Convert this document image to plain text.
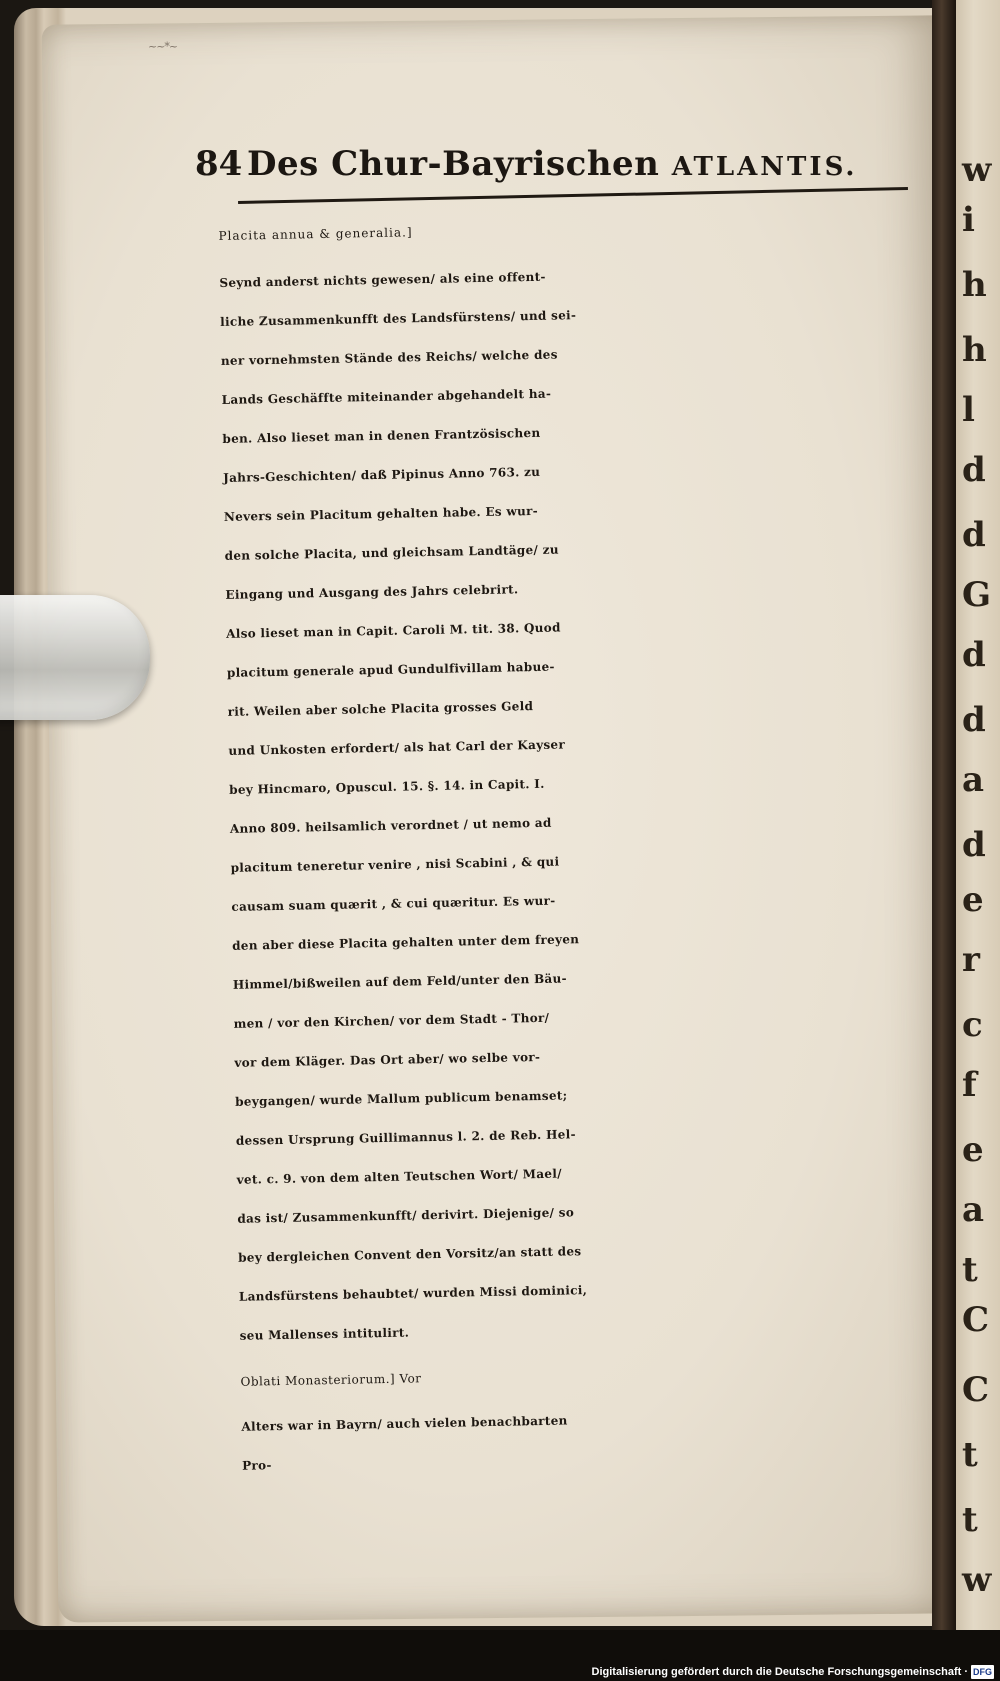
w
i
h
h
l
d
d
G
d
d
a
d
e
r
c
f
e
a
t
C
C
t
t
w
~~*~
84 Des Chur-Bayrischen ATLANTIS.
Placita annua & generalia.]
Seynd anderst nichts gewesen/ als eine offent-
liche Zusammenkunfft des Landsfürstens/ und sei-
ner vornehmsten Stände des Reichs/ welche des
Lands Geschäffte miteinander abgehandelt ha-
ben. Also lieset man in denen Frantzösischen
Jahrs-Geschichten/ daß Pipinus Anno 763. zu
Nevers sein Placitum gehalten habe. Es wur-
den solche Placita, und gleichsam Landtäge/ zu
Eingang und Ausgang des Jahrs celebrirt.
Also lieset man in Capit. Caroli M. tit. 38. Quod
placitum generale apud Gundulfivillam habue-
rit. Weilen aber solche Placita grosses Geld
und Unkosten erfordert/ als hat Carl der Kayser
bey Hincmaro, Opuscul. 15. §. 14. in Capit. I.
Anno 809. heilsamlich verordnet / ut nemo ad
placitum teneretur venire , nisi Scabini , & qui
causam suam quærit , & cui quæritur. Es wur-
den aber diese Placita gehalten unter dem freyen
Himmel/bißweilen auf dem Feld/unter den Bäu-
men / vor den Kirchen/ vor dem Stadt - Thor/
vor dem Kläger. Das Ort aber/ wo selbe vor-
beygangen/ wurde Mallum publicum benamset;
dessen Ursprung Guillimannus l. 2. de Reb. Hel-
vet. c. 9. von dem alten Teutschen Wort/ Mael/
das ist/ Zusammenkunfft/ derivirt. Diejenige/ so
bey dergleichen Convent den Vorsitz/an statt des
Landsfürstens behaubtet/ wurden Missi dominici,
seu Mallenses intitulirt.
Oblati Monasteriorum.] Vor
Alters war in Bayrn/ auch vielen benachbarten
Pro-
Digitalisierung gefördert durch die Deutsche Forschungsgemeinschaft · DFG
